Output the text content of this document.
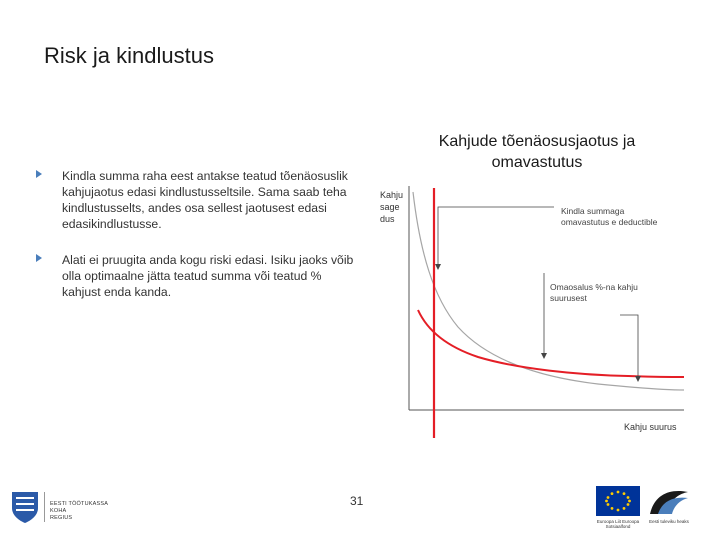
Risk ja kindlustus
Kindla summa raha eest antakse teatud tõenäosuslik kahjujaotus edasi kindlustusseltsile. Sama saab teha kindlustusselts, andes osa sellest jaotusest edasi edasikindlustusse.
Alati ei pruugita anda kogu riski edasi. Isiku jaoks võib olla optimaalne jätta teatud summa või teatud % kahjust enda kanda.
Kahjude tõenäosusjaotus ja omavastutus
Kahju sage dus
Kahju suurus
Kindla summaga omavastutus e deductible
Omaosalus %-na kahju suurusest
31
EESTI TÖÖTUKASSA KOHA
REGIUS
Euroopa Liit Euroopa Sotsiaalfond
Eesti tuleviku heaks
